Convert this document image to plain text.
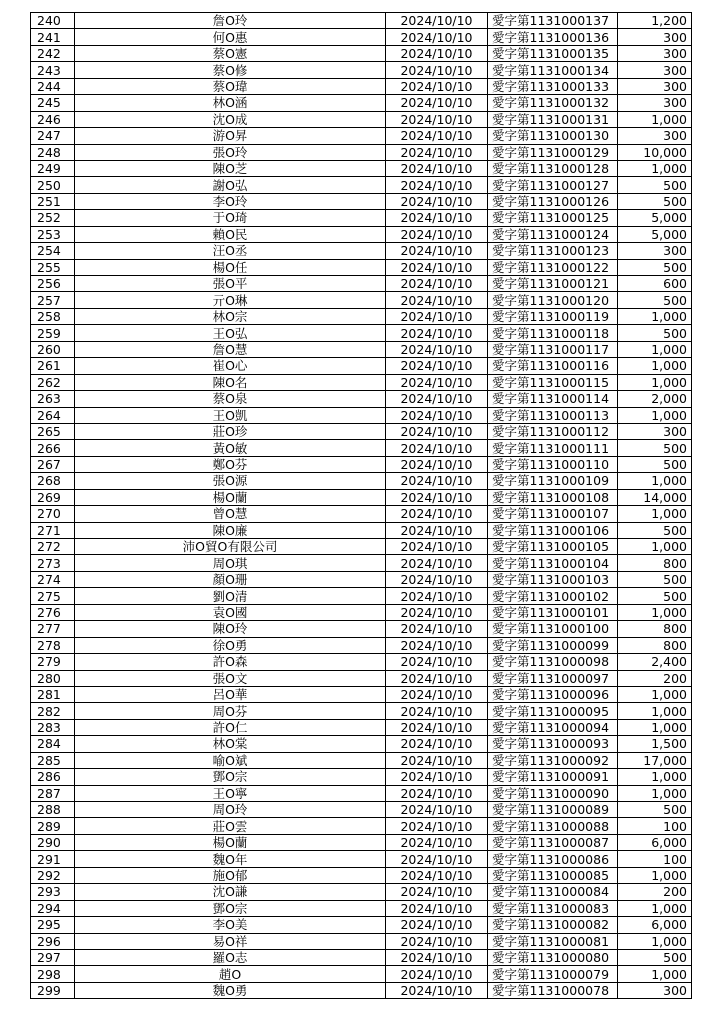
240	詹O玲	2024/10/10	愛字第1131000137	1,200
241	何O惠	2024/10/10	愛字第1131000136	300
242	蔡O憲	2024/10/10	愛字第1131000135	300
243	蔡O修	2024/10/10	愛字第1131000134	300
244	蔡O瑋	2024/10/10	愛字第1131000133	300
245	林O涵	2024/10/10	愛字第1131000132	300
246	沈O成	2024/10/10	愛字第1131000131	1,000
247	游O昇	2024/10/10	愛字第1131000130	300
248	張O玲	2024/10/10	愛字第1131000129	10,000
249	陳O芝	2024/10/10	愛字第1131000128	1,000
250	謝O弘	2024/10/10	愛字第1131000127	500
251	李O玲	2024/10/10	愛字第1131000126	500
252	于O琦	2024/10/10	愛字第1131000125	5,000
253	賴O民	2024/10/10	愛字第1131000124	5,000
254	汪O丞	2024/10/10	愛字第1131000123	300
255	楊O任	2024/10/10	愛字第1131000122	500
256	張O平	2024/10/10	愛字第1131000121	600
257	亓O琳	2024/10/10	愛字第1131000120	500
258	林O宗	2024/10/10	愛字第1131000119	1,000
259	王O弘	2024/10/10	愛字第1131000118	500
260	詹O慧	2024/10/10	愛字第1131000117	1,000
261	崔O心	2024/10/10	愛字第1131000116	1,000
262	陳O名	2024/10/10	愛字第1131000115	1,000
263	蔡O泉	2024/10/10	愛字第1131000114	2,000
264	王O凱	2024/10/10	愛字第1131000113	1,000
265	莊O珍	2024/10/10	愛字第1131000112	300
266	黃O敏	2024/10/10	愛字第1131000111	500
267	鄭O芬	2024/10/10	愛字第1131000110	500
268	張O源	2024/10/10	愛字第1131000109	1,000
269	楊O蘭	2024/10/10	愛字第1131000108	14,000
270	曾O慧	2024/10/10	愛字第1131000107	1,000
271	陳O廉	2024/10/10	愛字第1131000106	500
272	沛O貿O有限公司	2024/10/10	愛字第1131000105	1,000
273	周O琪	2024/10/10	愛字第1131000104	800
274	顏O珊	2024/10/10	愛字第1131000103	500
275	劉O清	2024/10/10	愛字第1131000102	500
276	袁O國	2024/10/10	愛字第1131000101	1,000
277	陳O玲	2024/10/10	愛字第1131000100	800
278	徐O勇	2024/10/10	愛字第1131000099	800
279	許O森	2024/10/10	愛字第1131000098	2,400
280	張O文	2024/10/10	愛字第1131000097	200
281	呂O華	2024/10/10	愛字第1131000096	1,000
282	周O芬	2024/10/10	愛字第1131000095	1,000
283	許O仁	2024/10/10	愛字第1131000094	1,000
284	林O棠	2024/10/10	愛字第1131000093	1,500
285	喻O斌	2024/10/10	愛字第1131000092	17,000
286	鄧O宗	2024/10/10	愛字第1131000091	1,000
287	王O寧	2024/10/10	愛字第1131000090	1,000
288	周O玲	2024/10/10	愛字第1131000089	500
289	莊O雲	2024/10/10	愛字第1131000088	100
290	楊O蘭	2024/10/10	愛字第1131000087	6,000
291	魏O年	2024/10/10	愛字第1131000086	100
292	施O郁	2024/10/10	愛字第1131000085	1,000
293	沈O謙	2024/10/10	愛字第1131000084	200
294	鄧O宗	2024/10/10	愛字第1131000083	1,000
295	李O美	2024/10/10	愛字第1131000082	6,000
296	易O祥	2024/10/10	愛字第1131000081	1,000
297	羅O志	2024/10/10	愛字第1131000080	500
298	趙O	2024/10/10	愛字第1131000079	1,000
299	魏O勇	2024/10/10	愛字第1131000078	300
